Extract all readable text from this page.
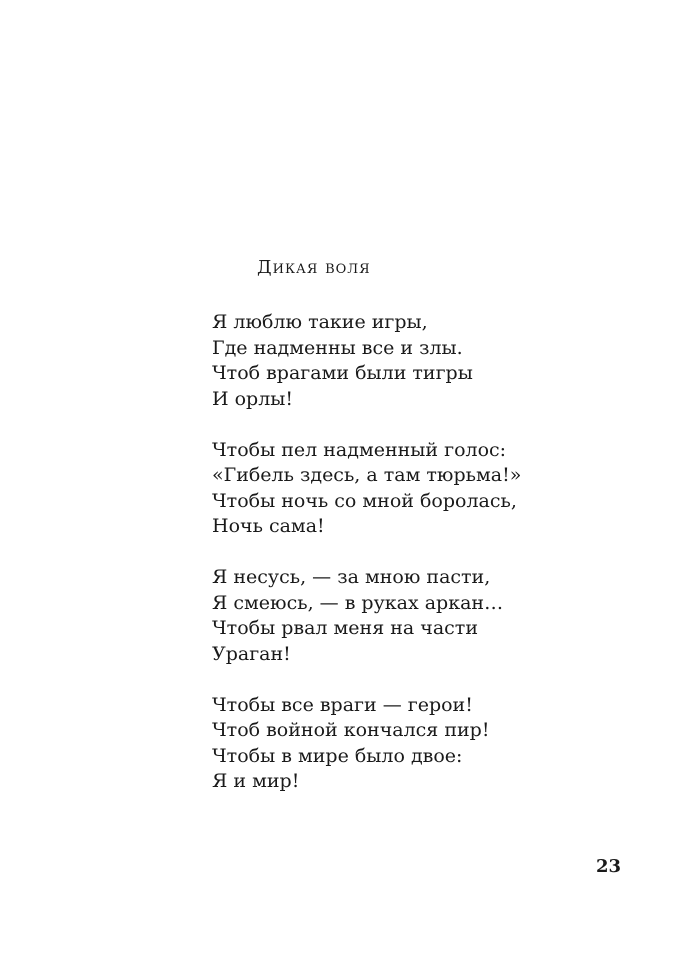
Дикая воля
Я люблю такие игры,
Где надменны все и злы.
Чтоб врагами были тигры
И орлы!
Чтобы пел надменный голос:
«Гибель здесь, а там тюрьма!»
Чтобы ночь со мной боролась,
Ночь сама!
Я несусь, — за мною пасти,
Я смеюсь, — в руках аркан…
Чтобы рвал меня на части
Ураган!
Чтобы все враги — герои!
Чтоб войной кончался пир!
Чтобы в мире было двое:
Я и мир!
23
